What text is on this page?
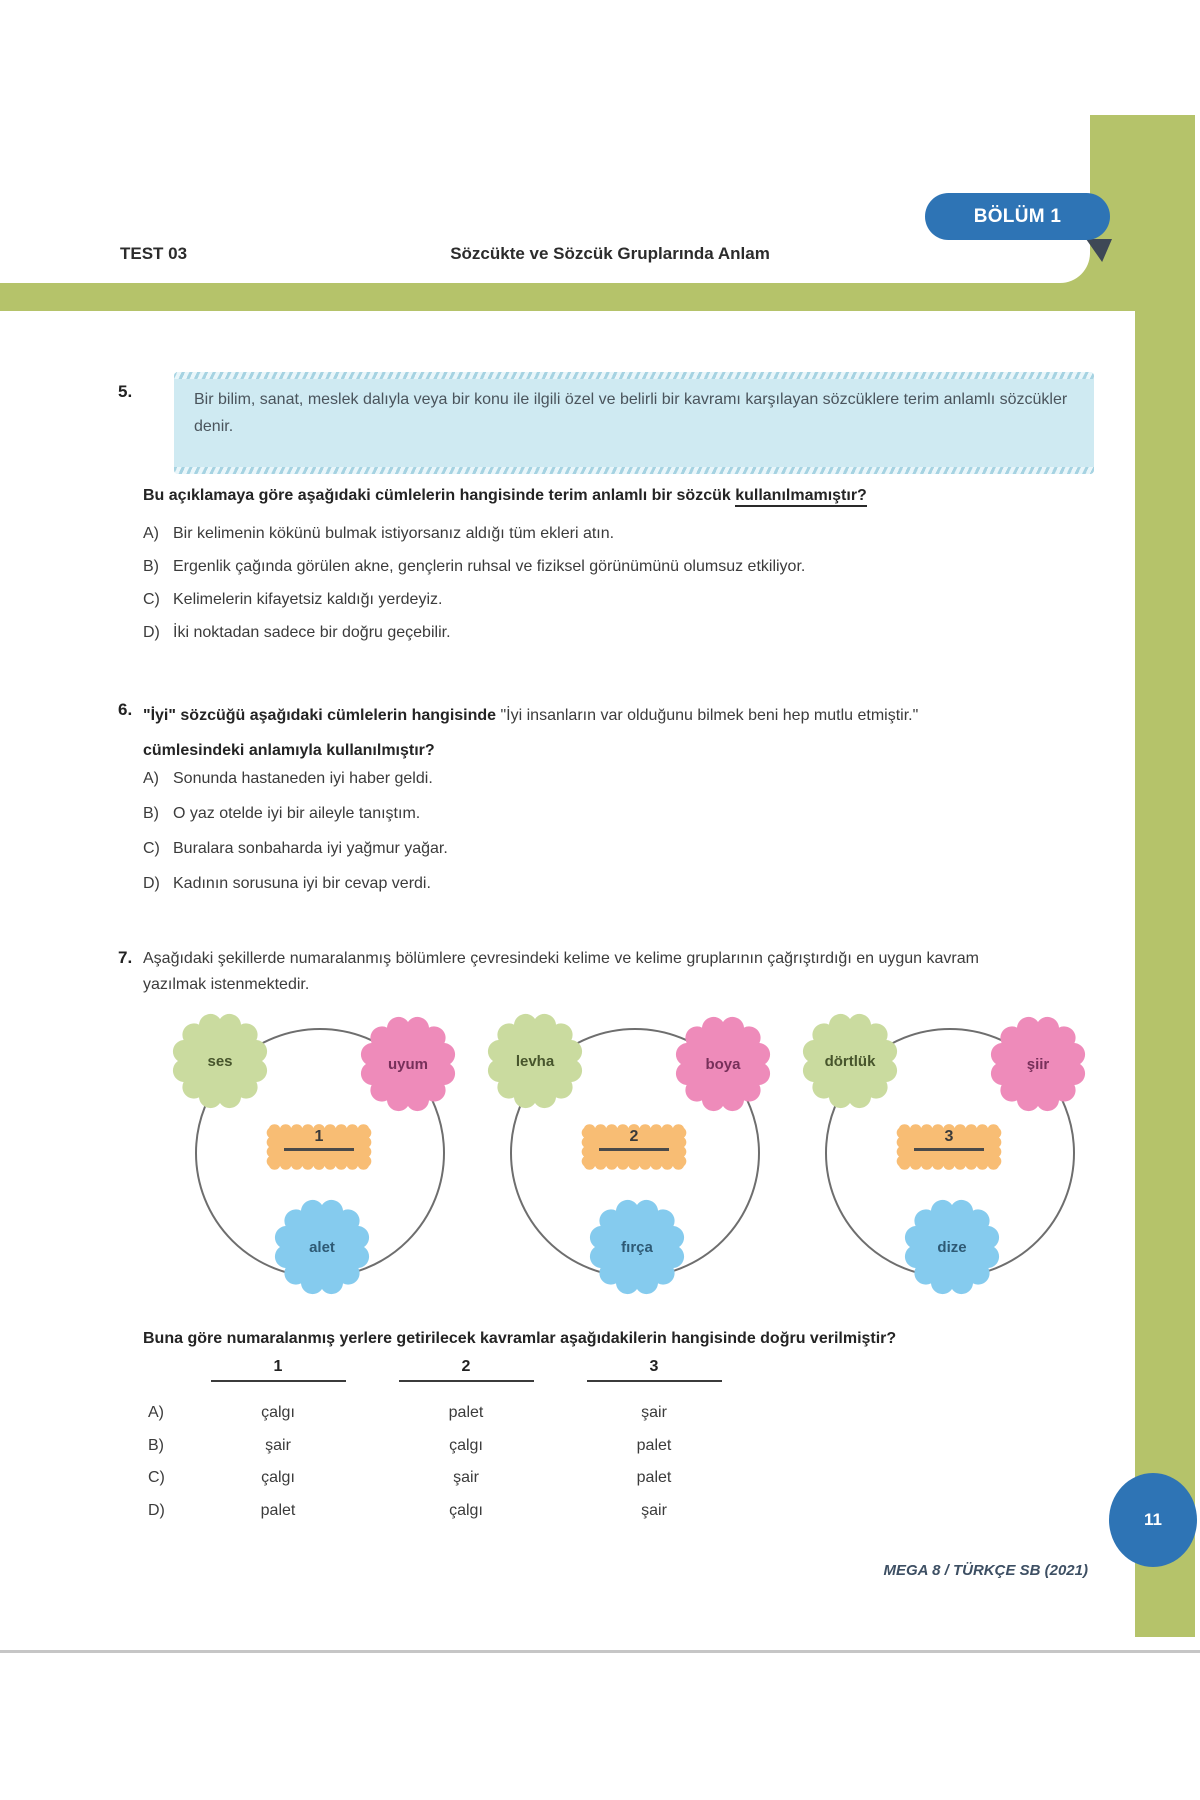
BÖLÜM 1
TEST 03	Sözcükte ve Sözcük Gruplarında Anlam
5.	Bir bilim, sanat, meslek dalıyla veya bir konu ile ilgili özel ve belirli bir kavramı karşılayan sözcüklere terim anlamlı sözcükler denir.

Bu açıklamaya göre aşağıdaki cümlelerin hangisinde terim anlamlı bir sözcük kullanılmamıştır?
A) Bir kelimenin kökünü bulmak istiyorsanız aldığı tüm ekleri atın.
B) Ergenlik çağında görülen akne, gençlerin ruhsal ve fiziksel görünümünü olumsuz etkiliyor.
C) Kelimelerin kifayetsiz kaldığı yerdeyiz.
D) İki noktadan sadece bir doğru geçebilir.
6. "İyi" sözcüğü aşağıdaki cümlelerin hangisinde "İyi insanların var olduğunu bilmek beni hep mutlu etmiştir."
cümlesindeki anlamıyla kullanılmıştır?
A) Sonunda hastaneden iyi haber geldi.
B) O yaz otelde iyi bir aileyle tanıştım.
C) Buralara sonbaharda iyi yağmur yağar.
D) Kadının sorusuna iyi bir cevap verdi.
7. Aşağıdaki şekillerde numaralanmış bölümlere çevresindeki kelime ve kelime gruplarının çağrıştırdığı en uygun kavram yazılmak istenmektedir.
ses	uyum
1
alet
levha	boya
2
fırça
dörtlük	şiir
3
dize
Buna göre numaralanmış yerlere getirilecek kavramlar aşağıdakilerin hangisinde doğru verilmiştir?
1	2	3
A)	çalgı	palet	şair
B)	şair	çalgı	palet
C)	çalgı	şair	palet
D)	palet	çalgı	şair	11
MEGA 8 / TÜRKÇE SB (2021)
